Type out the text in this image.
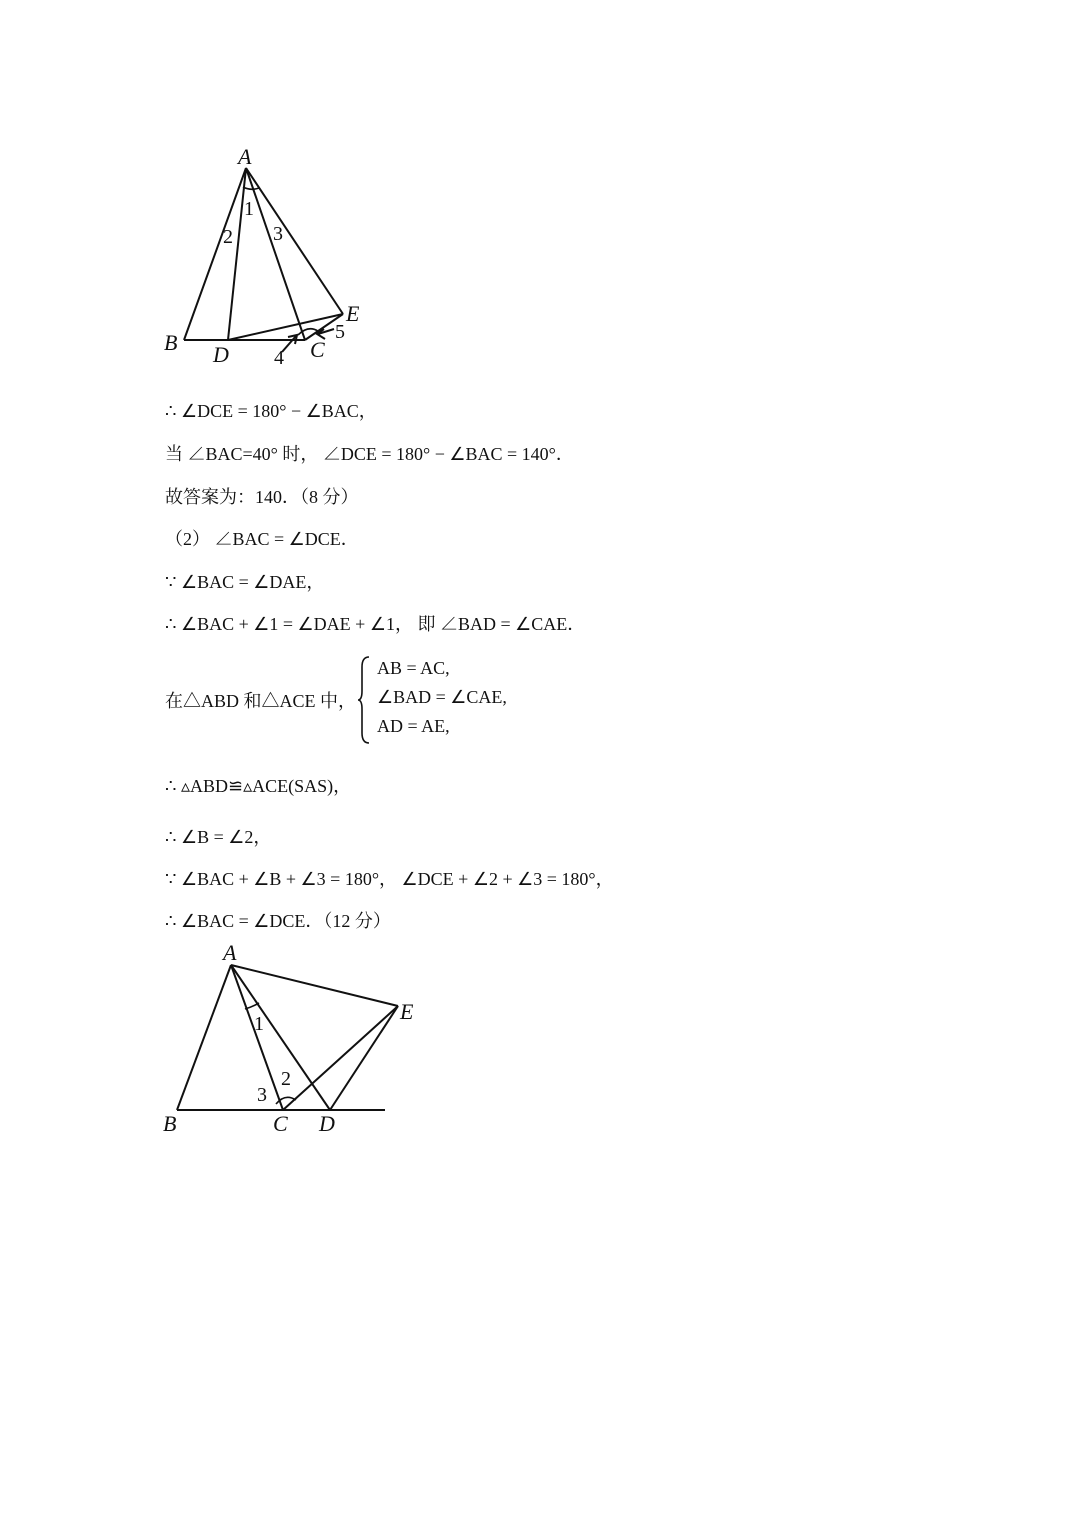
A
B D	C
E
1
2 3
4
5
∴ ∠DCE = 180° − ∠BAC，
当 ∠BAC=40° 时， ∠DCE = 180° − ∠BAC = 140°．
故答案为：140．（8 分）
（2） ∠BAC = ∠DCE．
∵ ∠BAC = ∠DAE，
∴ ∠BAC + ∠1 = ∠DAE + ∠1， 即 ∠BAD = ∠CAE．
在△ABD 和△ACE 中，
AB = AC,
∠BAD = ∠CAE,
AD = AE,
∴ ▵ABD≌▵ACE(SAS)，
∴ ∠B = ∠2，
∵ ∠BAC + ∠B + ∠3 = 180°， ∠DCE + ∠2 + ∠3 = 180°，
∴ ∠BAC = ∠DCE．（12 分）
A
B	C D
E
1
2
3
